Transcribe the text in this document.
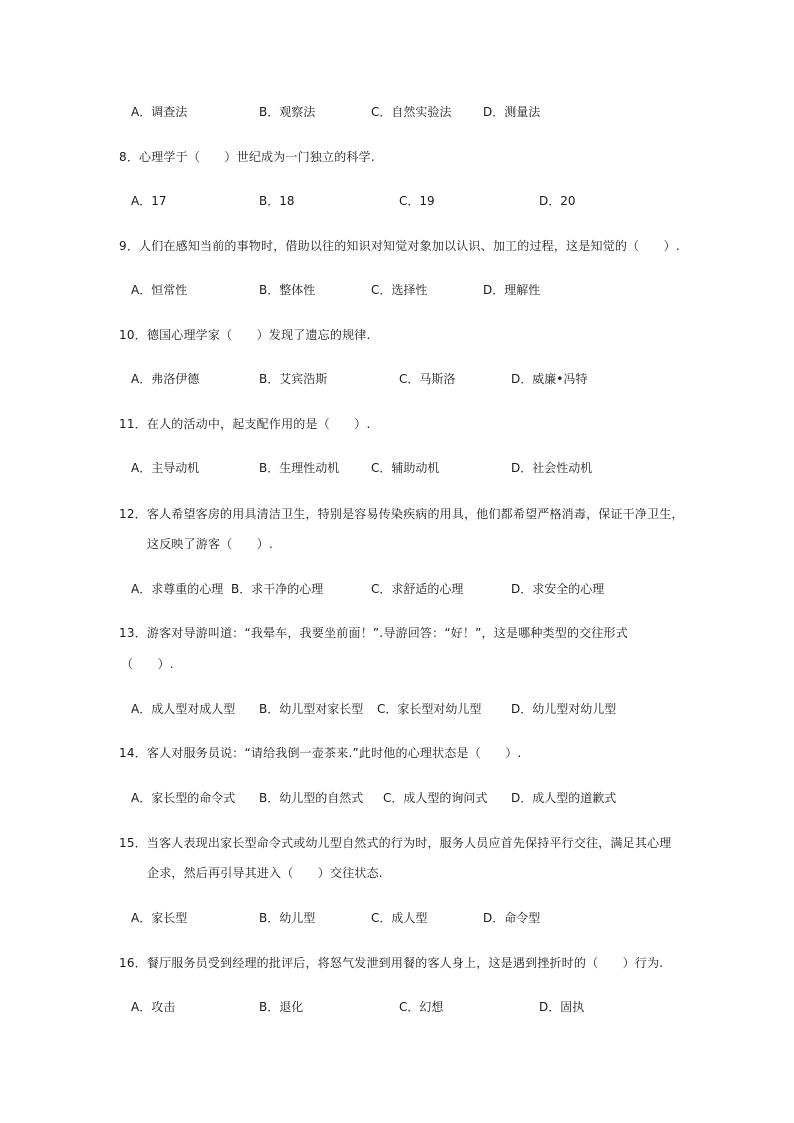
A．调查法	B．观察法	C．自然实验法	D．测量法
8．心理学于（　　）世纪成为一门独立的科学.
A．17	B．18	C．19	D．20
9．人们在感知当前的事物时，借助以往的知识对知觉对象加以认识、加工的过程，这是知觉的（　　）.
A．恒常性	B．整体性	C．选择性	D．理解性
10．德国心理学家（　　）发现了遗忘的规律.
A．弗洛伊德	B．艾宾浩斯	C．马斯洛	D．威廉•冯特
11．在人的活动中，起支配作用的是（　　）.
A．主导动机	B．生理性动机	C．辅助动机	D．社会性动机
12．客人希望客房的用具清洁卫生，特别是容易传染疾病的用具，他们都希望严格消毒，保证干净卫生，
这反映了游客（　　）.
A．求尊重的心理 B．求干净的心理	C．求舒适的心理	D．求安全的心理
13．游客对导游叫道：“我晕车，我要坐前面！”.导游回答：“好！”，这是哪种类型的交往形式
（　　）.
A．成人型对成人型 B．幼儿型对家长型 C．家长型对幼儿型 D．幼儿型对幼儿型
14．客人对服务员说：“请给我倒一壶茶来.”此时他的心理状态是（　　）.
A．家长型的命令式 B．幼儿型的自然式 C．成人型的询问式 D．成人型的道歉式
15．当客人表现出家长型命令式或幼儿型自然式的行为时，服务人员应首先保持平行交往，满足其心理
企求，然后再引导其进入（　　）交往状态.
A．家长型	B．幼儿型	C．成人型	D．命令型
16．餐厅服务员受到经理的批评后，将怒气发泄到用餐的客人身上，这是遇到挫折时的（　　）行为.
A．攻击	B．退化	C．幻想	D．固执
